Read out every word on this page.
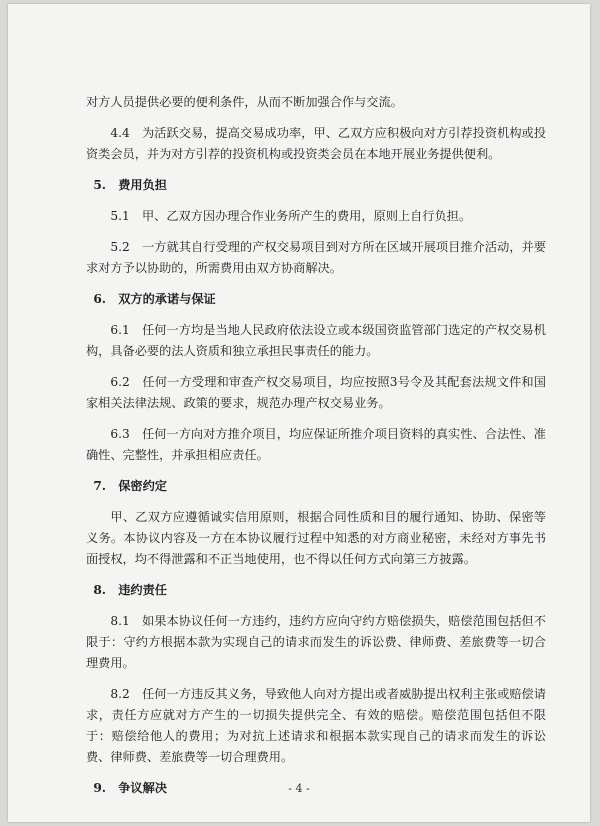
对方人员提供必要的便利条件，从而不断加强合作与交流。

4.4　为活跃交易，提高交易成功率，甲、乙双方应积极向对方引荐投资机构或投资类会员，并为对方引荐的投资机构或投资类会员在本地开展业务提供便利。

5.　费用负担

5.1　甲、乙双方因办理合作业务所产生的费用，原则上自行负担。

5.2　一方就其自行受理的产权交易项目到对方所在区域开展项目推介活动，并要求对方予以协助的，所需费用由双方协商解决。

6.　双方的承诺与保证

6.1　任何一方均是当地人民政府依法设立或本级国资监管部门选定的产权交易机构，具备必要的法人资质和独立承担民事责任的能力。

6.2　任何一方受理和审查产权交易项目，均应按照3号令及其配套法规文件和国家相关法律法规、政策的要求，规范办理产权交易业务。

6.3　任何一方向对方推介项目，均应保证所推介项目资料的真实性、合法性、准确性、完整性，并承担相应责任。

7.　保密约定

甲、乙双方应遵循诚实信用原则，根据合同性质和目的履行通知、协助、保密等义务。本协议内容及一方在本协议履行过程中知悉的对方商业秘密，未经对方事先书面授权，均不得泄露和不正当地使用，也不得以任何方式向第三方披露。

8.　违约责任

8.1　如果本协议任何一方违约，违约方应向守约方赔偿损失，赔偿范围包括但不限于：守约方根据本款为实现自己的请求而发生的诉讼费、律师费、差旅费等一切合理费用。

8.2　任何一方违反其义务，导致他人向对方提出或者威胁提出权利主张或赔偿请求，责任方应就对方产生的一切损失提供完全、有效的赔偿。赔偿范围包括但不限于：赔偿给他人的费用；为对抗上述请求和根据本款实现自己的请求而发生的诉讼费、律师费、差旅费等一切合理费用。

9.　争议解决	- 4 -
